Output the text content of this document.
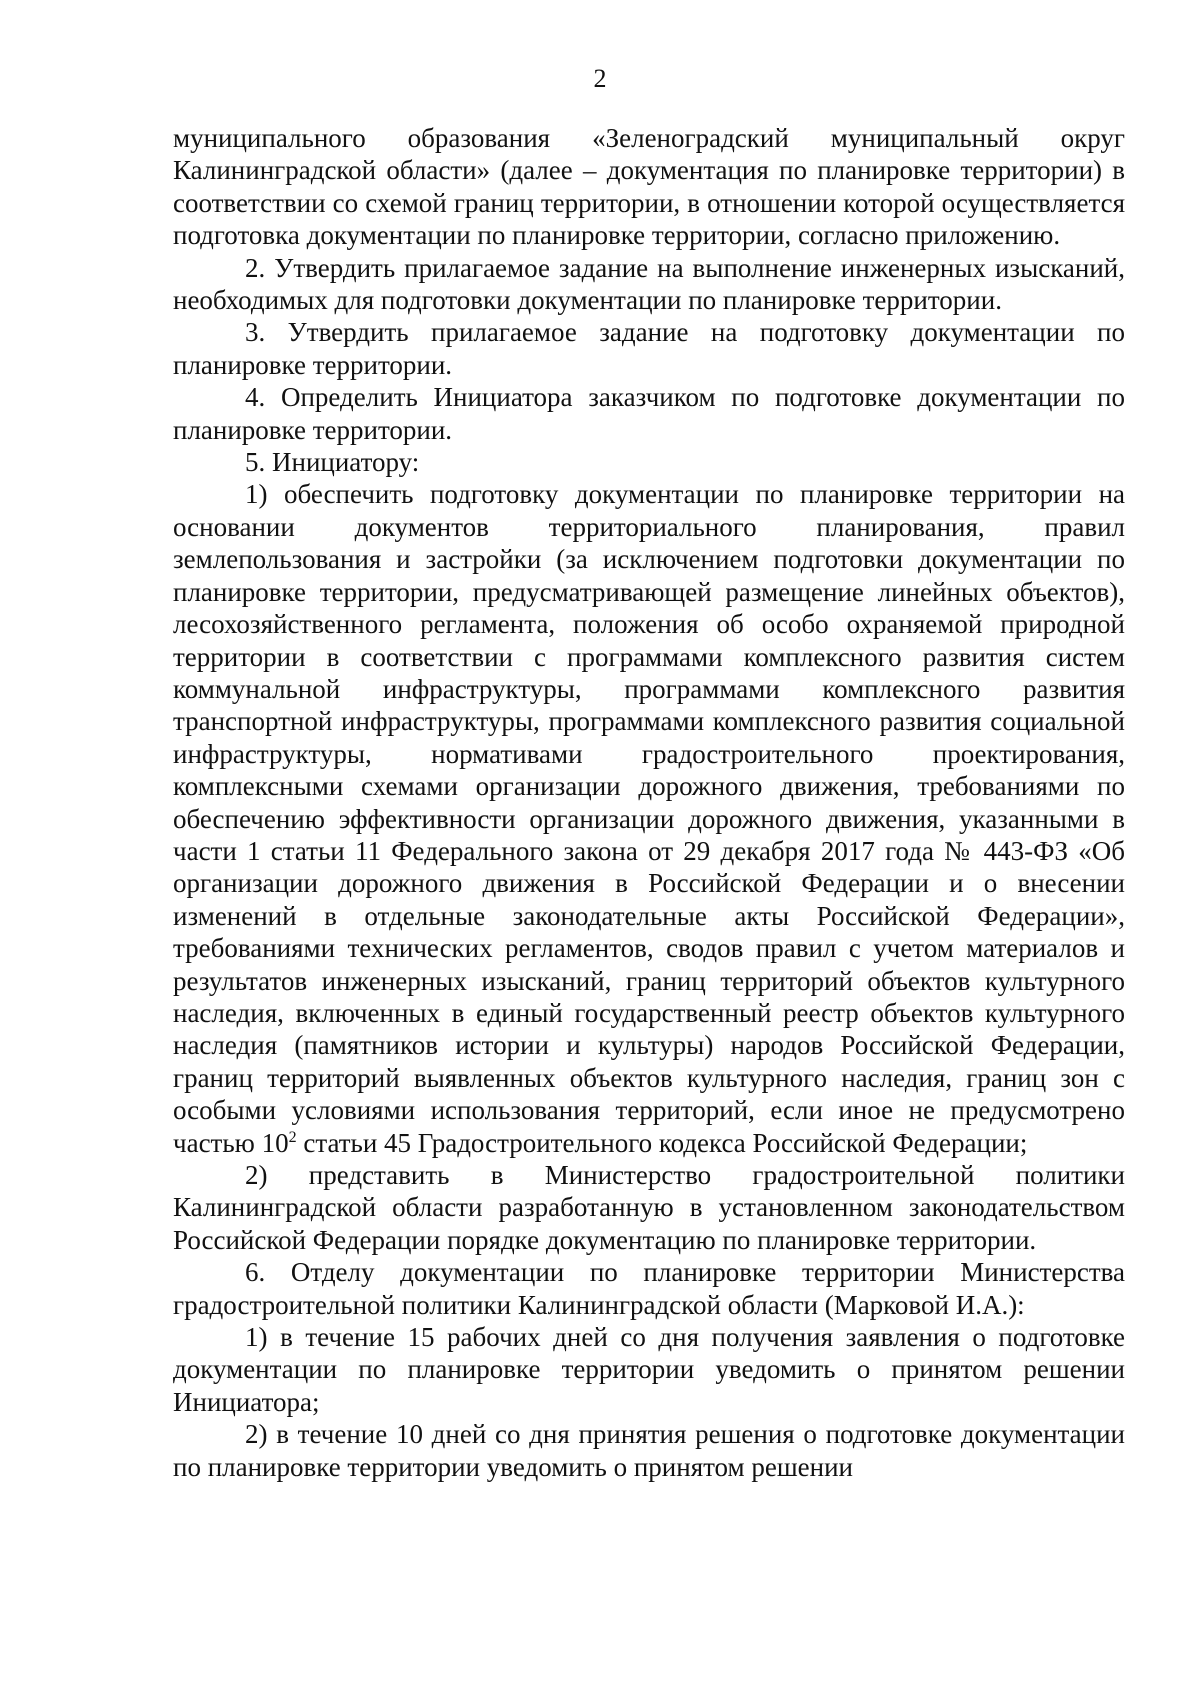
2

муниципального образования «Зеленоградский муниципальный округ Калининградской области» (далее – документация по планировке территории) в соответствии со схемой границ территории, в отношении которой осуществляется подготовка документации по планировке территории, согласно приложению.

2. Утвердить прилагаемое задание на выполнение инженерных изысканий, необходимых для подготовки документации по планировке территории.

3. Утвердить прилагаемое задание на подготовку документации по планировке территории.

4. Определить Инициатора заказчиком по подготовке документации по планировке территории.

5. Инициатору:

1) обеспечить подготовку документации по планировке территории на основании документов территориального планирования, правил землепользования и застройки (за исключением подготовки документации по планировке территории, предусматривающей размещение линейных объектов), лесохозяйственного регламента, положения об особо охраняемой природной территории в соответствии с программами комплексного развития систем коммунальной инфраструктуры, программами комплексного развития транспортной инфраструктуры, программами комплексного развития социальной инфраструктуры, нормативами градостроительного проектирования, комплексными схемами организации дорожного движения, требованиями по обеспечению эффективности организации дорожного движения, указанными в части 1 статьи 11 Федерального закона от 29 декабря 2017 года № 443-ФЗ «Об организации дорожного движения в Российской Федерации и о внесении изменений в отдельные законодательные акты Российской Федерации», требованиями технических регламентов, сводов правил с учетом материалов и результатов инженерных изысканий, границ территорий объектов культурного наследия, включенных в единый государственный реестр объектов культурного наследия (памятников истории и культуры) народов Российской Федерации, границ территорий выявленных объектов культурного наследия, границ зон с особыми условиями использования территорий, если иное не предусмотрено частью $10^2$ статьи 45 Градостроительного кодекса Российской Федерации;

2) представить в Министерство градостроительной политики Калининградской области разработанную в установленном законодательством Российской Федерации порядке документацию по планировке территории.

6. Отделу документации по планировке территории Министерства градостроительной политики Калининградской области (Марковой И.А.):

1) в течение 15 рабочих дней со дня получения заявления о подготовке документации по планировке территории уведомить о принятом решении Инициатора;

2) в течение 10 дней со дня принятия решения о подготовке документации по планировке территории уведомить о принятом решении
